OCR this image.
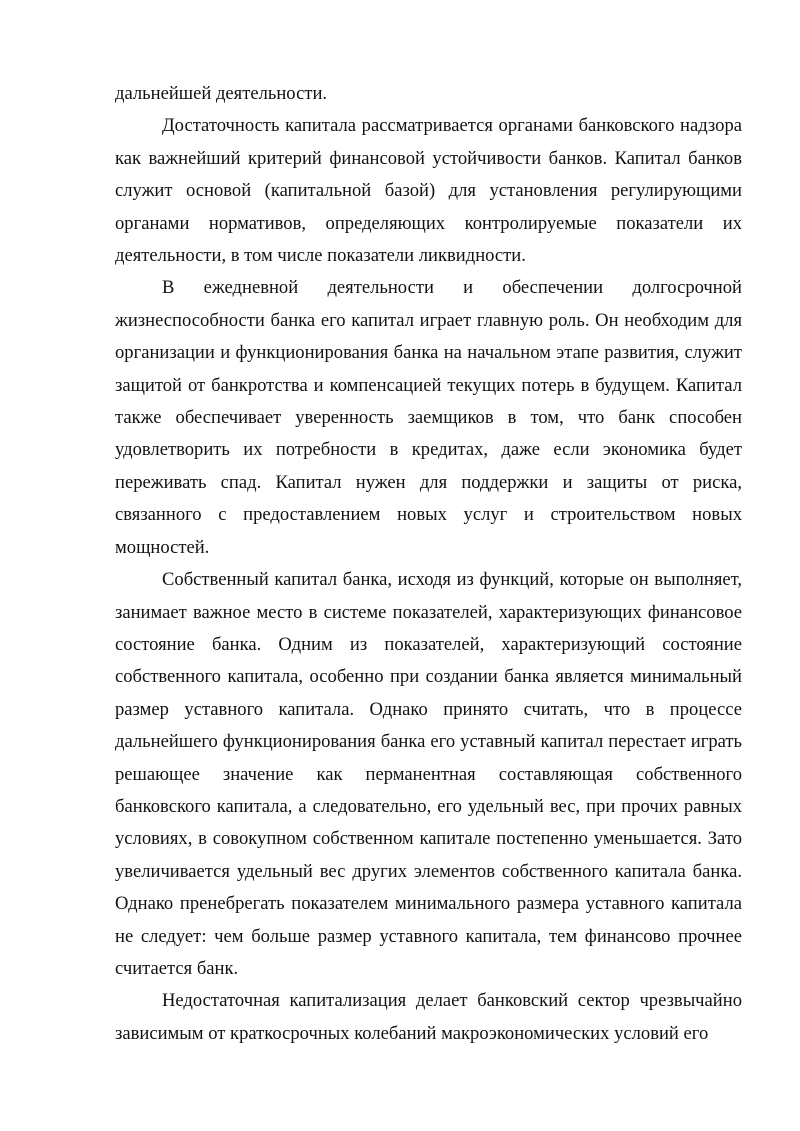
дальнейшей деятельности.

Достаточность капитала рассматривается органами банковского надзора как важнейший критерий финансовой устойчивости банков. Капитал банков служит основой (капитальной базой) для установления регулирующими органами нормативов, определяющих контролируемые показатели их деятельности, в том числе показатели ликвидности.

В ежедневной деятельности и обеспечении долгосрочной жизнеспособности банка его капитал играет главную роль. Он необходим для организации и функционирования банка на начальном этапе развития, служит защитой от банкротства и компенсацией текущих потерь в будущем. Капитал также обеспечивает уверенность заемщиков в том, что банк способен удовлетворить их потребности в кредитах, даже если экономика будет переживать спад. Капитал нужен для поддержки и защиты от риска, связанного с предоставлением новых услуг и строительством новых мощностей.

Собственный капитал банка, исходя из функций, которые он выполняет, занимает важное место в системе показателей, характеризующих финансовое состояние банка. Одним из показателей, характеризующий состояние собственного капитала, особенно при создании банка является минимальный размер уставного капитала. Однако принято считать, что в процессе дальнейшего функционирования банка его уставный капитал перестает играть решающее значение как перманентная составляющая собственного банковского капитала, а следовательно, его удельный вес, при прочих равных условиях, в совокупном собственном капитале постепенно уменьшается. Зато увеличивается удельный вес других элементов собственного капитала банка. Однако пренебрегать показателем минимального размера уставного капитала не следует: чем больше размер уставного капитала, тем финансово прочнее считается банк.

Недостаточная капитализация делает банковский сектор чрезвычайно зависимым от краткосрочных колебаний макроэкономических условий его
